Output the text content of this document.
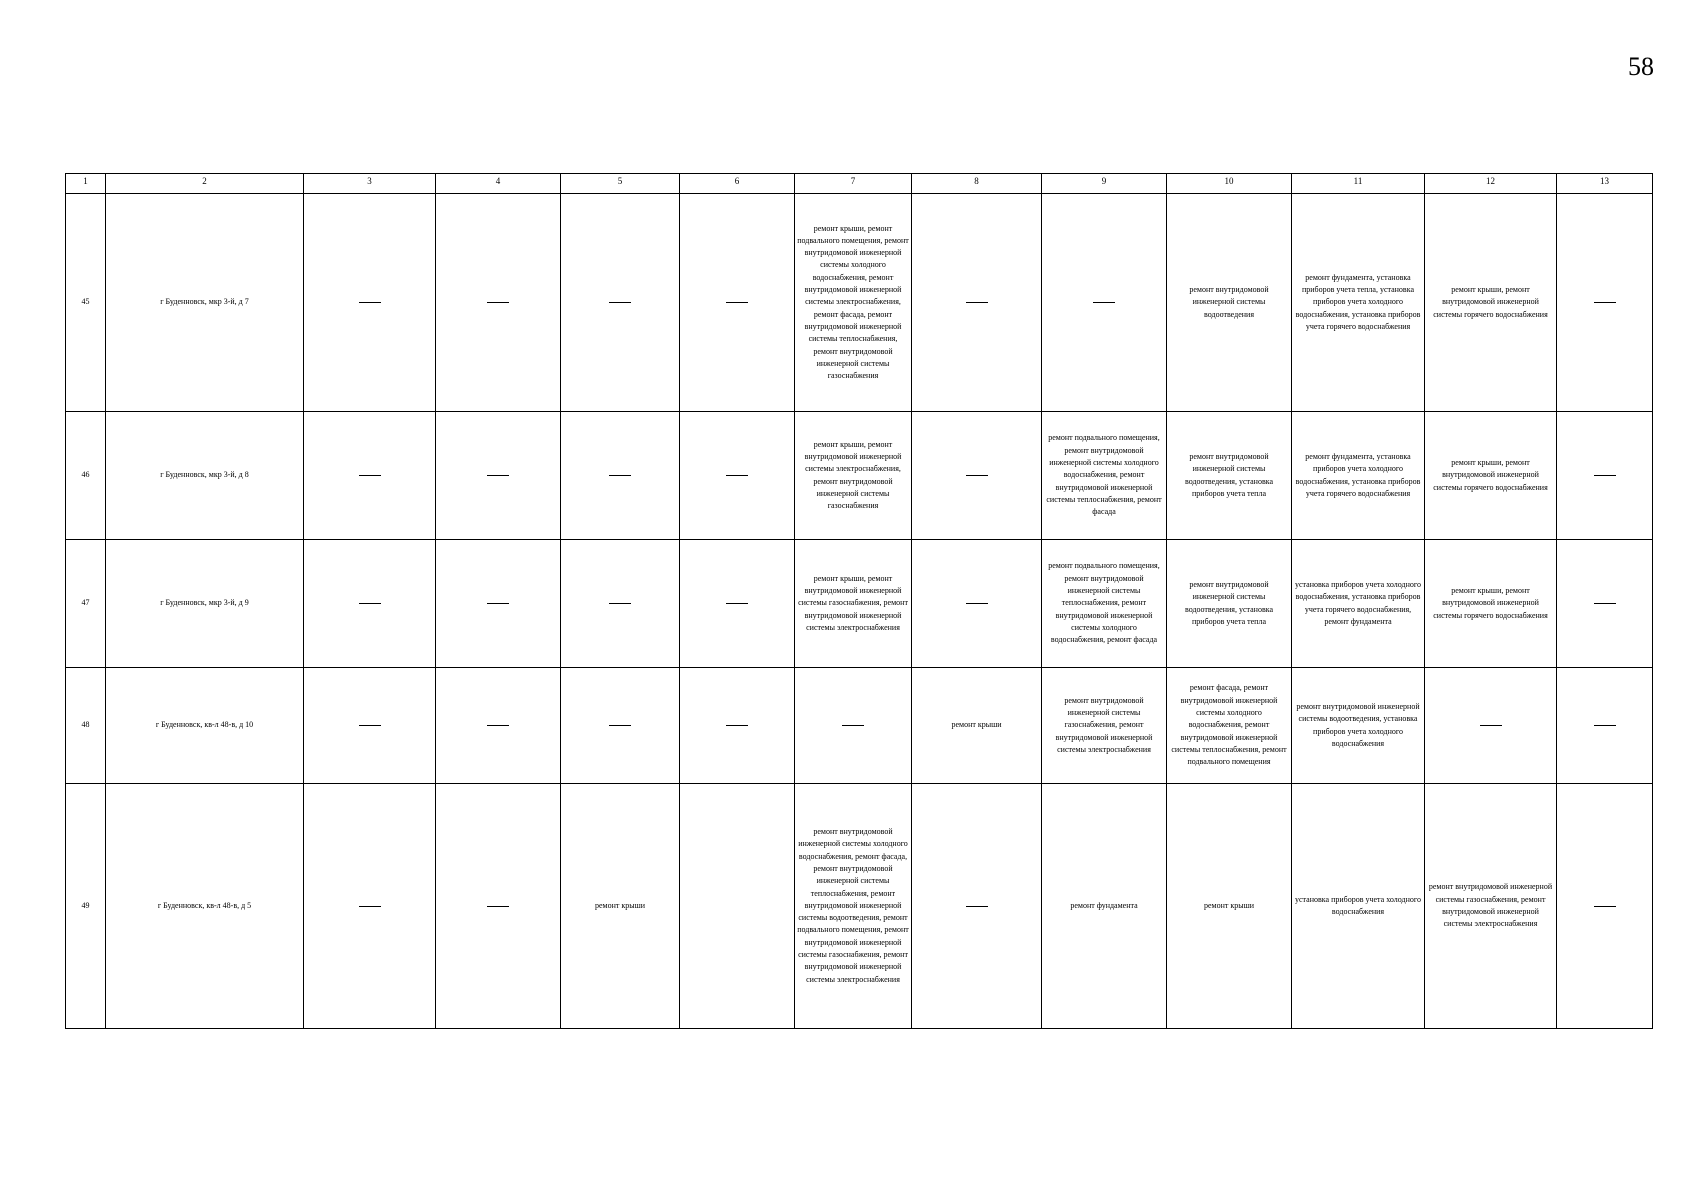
58
1	2	3	4	5	6	7	8	9	10	11	12	13
45	г Буденновск, мкр 3-й, д 7					ремонт крыши, ремонт подвального помещения, ремонт внутридомовой инженерной системы холодного водоснабжения, ремонт внутридомовой инженерной системы электроснабжения, ремонт фасада, ремонт внутридомовой инженерной системы теплоснабжения, ремонт внутридомовой инженерной системы газоснабжения			ремонт внутридомовой инженерной системы водоотведения	ремонт фундамента, установка приборов учета тепла, установка приборов учета холодного водоснабжения, установка приборов учета горячего водоснабжения	ремонт крыши, ремонт внутридомовой инженерной системы горячего водоснабжения	
46	г Буденновск, мкр 3-й, д 8					ремонт крыши, ремонт внутридомовой инженерной системы электроснабжения, ремонт внутридомовой инженерной системы газоснабжения		ремонт подвального помещения, ремонт внутридомовой инженерной системы холодного водоснабжения, ремонт внутридомовой инженерной системы теплоснабжения, ремонт фасада	ремонт внутридомовой инженерной системы водоотведения, установка приборов учета тепла	ремонт фундамента, установка приборов учета холодного водоснабжения, установка приборов учета горячего водоснабжения	ремонт крыши, ремонт внутридомовой инженерной системы горячего водоснабжения	
47	г Буденновск, мкр 3-й, д 9					ремонт крыши, ремонт внутридомовой инженерной системы газоснабжения, ремонт внутридомовой инженерной системы электроснабжения		ремонт подвального помещения, ремонт внутридомовой инженерной системы теплоснабжения, ремонт внутридомовой инженерной системы холодного водоснабжения, ремонт фасада	ремонт внутридомовой инженерной системы водоотведения, установка приборов учета тепла	установка приборов учета холодного водоснабжения, установка приборов учета горячего водоснабжения, ремонт фундамента	ремонт крыши, ремонт внутридомовой инженерной системы горячего водоснабжения	
48	г Буденновск, кв-л 48-в, д 10						ремонт крыши	ремонт внутридомовой инженерной системы газоснабжения, ремонт внутридомовой инженерной системы электроснабжения	ремонт фасада, ремонт внутридомовой инженерной системы холодного водоснабжения, ремонт внутридомовой инженерной системы теплоснабжения, ремонт подвального помещения	ремонт внутридомовой инженерной системы водоотведения, установка приборов учета холодного водоснабжения		
49	г Буденновск, кв-л 48-в, д 5			ремонт крыши		ремонт внутридомовой инженерной системы холодного водоснабжения, ремонт фасада, ремонт внутридомовой инженерной системы теплоснабжения, ремонт внутридомовой инженерной системы водоотведения, ремонт подвального помещения, ремонт внутридомовой инженерной системы газоснабжения, ремонт внутридомовой инженерной системы электроснабжения		ремонт фундамента	ремонт крыши	установка приборов учета холодного водоснабжения	ремонт внутридомовой инженерной системы газоснабжения, ремонт внутридомовой инженерной системы электроснабжения	
